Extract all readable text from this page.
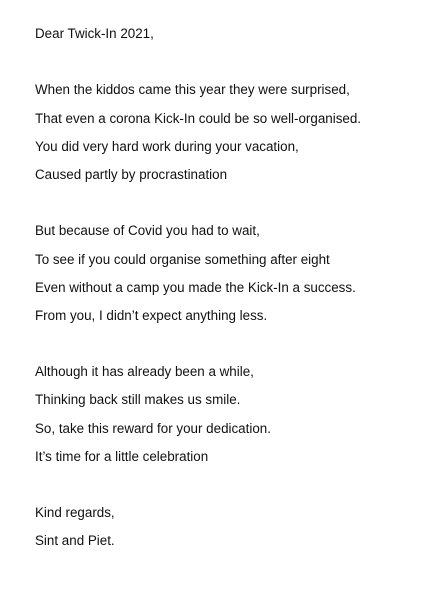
Dear Twick-In 2021,
When the kiddos came this year they were surprised,
That even a corona Kick-In could be so well-organised.
You did very hard work during your vacation,
Caused partly by procrastination
But because of Covid you had to wait,
To see if you could organise something after eight
Even without a camp you made the Kick-In a success.
From you, I didn’t expect anything less.
Although it has already been a while,
Thinking back still makes us smile.
So, take this reward for your dedication.
It’s time for a little celebration
Kind regards,
Sint and Piet.
